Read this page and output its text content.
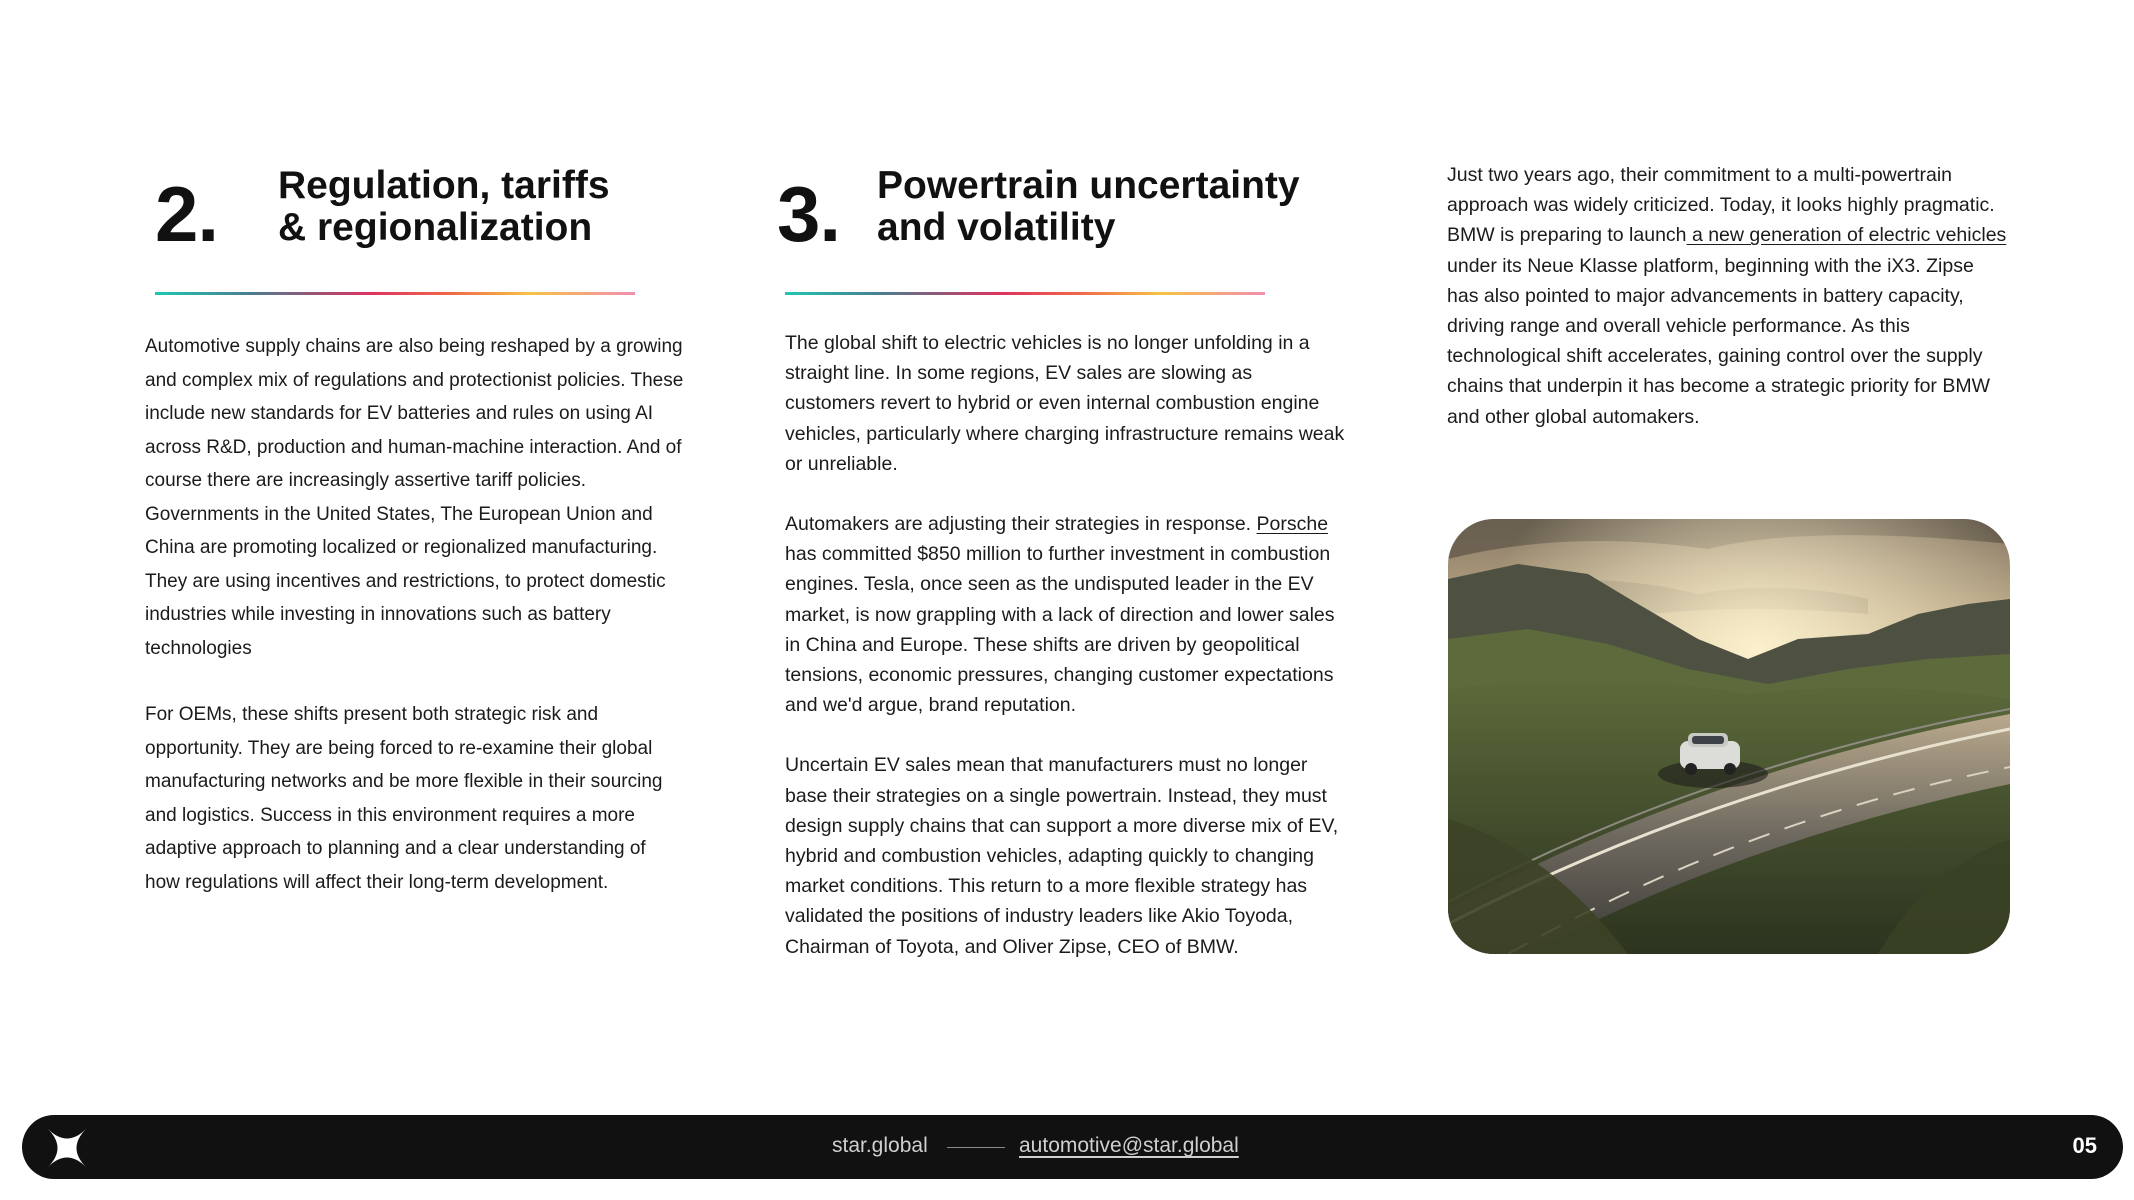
2. Regulation, tariffs
& regionalization

Automotive supply chains are also being reshaped by a growing and complex mix of regulations and protectionist policies. These include new standards for EV batteries and rules on using AI across R&D, production and human-machine interaction. And of course there are increasingly assertive tariff policies. Governments in the United States, The European Union and China are promoting localized or regionalized manufacturing. They are using incentives and restrictions, to protect domestic industries while investing in innovations such as battery technologies

For OEMs, these shifts present both strategic risk and opportunity. They are being forced to re-examine their global manufacturing networks and be more flexible in their sourcing and logistics. Success in this environment requires a more adaptive approach to planning and a clear understanding of how regulations will affect their long-term development.

3. Powertrain uncertainty
and volatility

The global shift to electric vehicles is no longer unfolding in a straight line. In some regions, EV sales are slowing as customers revert to hybrid or even internal combustion engine vehicles, particularly where charging infrastructure remains weak or unreliable.

Automakers are adjusting their strategies in response. Porsche has committed $850 million to further investment in combustion engines. Tesla, once seen as the undisputed leader in the EV market, is now grappling with a lack of direction and lower sales in China and Europe. These shifts are driven by geopolitical tensions, economic pressures, changing customer expectations and we'd argue, brand reputation.

Uncertain EV sales mean that manufacturers must no longer base their strategies on a single powertrain. Instead, they must design supply chains that can support a more diverse mix of EV, hybrid and combustion vehicles, adapting quickly to changing market conditions. This return to a more flexible strategy has validated the positions of industry leaders like Akio Toyoda, Chairman of Toyota, and Oliver Zipse, CEO of BMW.

Just two years ago, their commitment to a multi-powertrain approach was widely criticized. Today, it looks highly pragmatic. BMW is preparing to launch a new generation of electric vehicles under its Neue Klasse platform, beginning with the iX3. Zipse has also pointed to major advancements in battery capacity, driving range and overall vehicle performance. As this technological shift accelerates, gaining control over the supply chains that underpin it has become a strategic priority for BMW and other global automakers.

star.global	automotive@star.global	05
